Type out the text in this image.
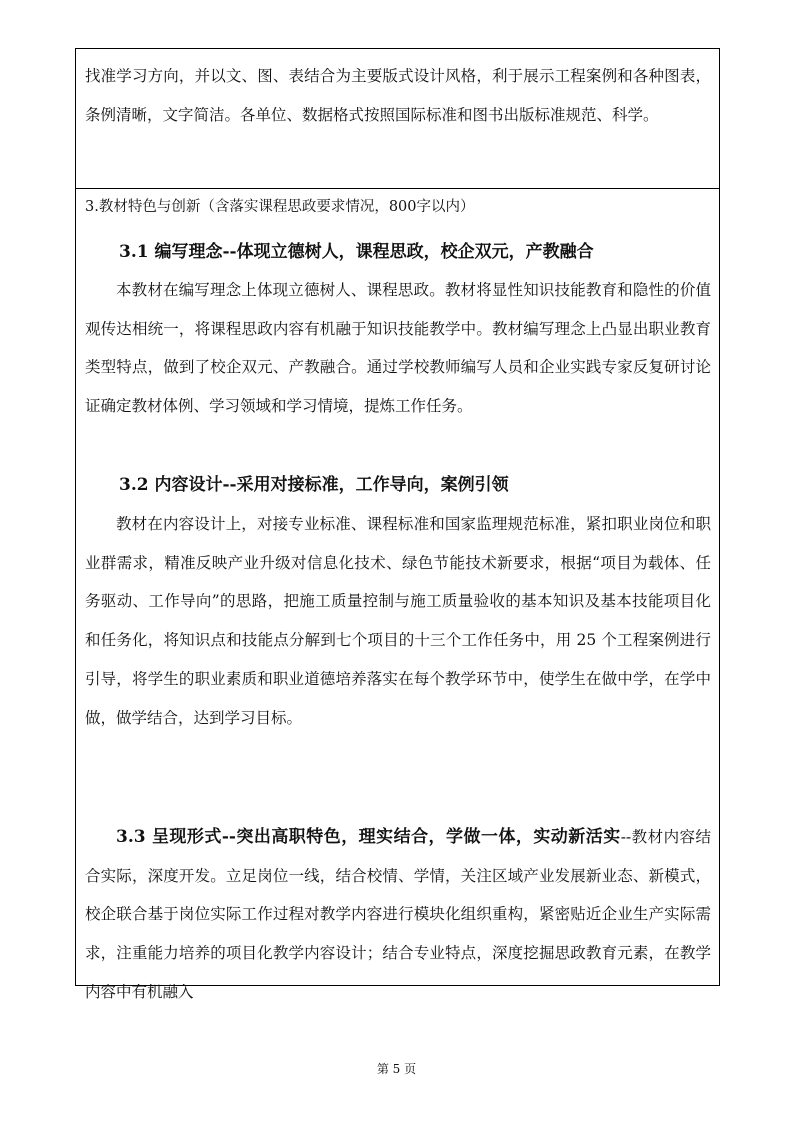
找准学习方向，并以文、图、表结合为主要版式设计风格，利于展示工程案例和各种图表，条例清晰，文字简洁。各单位、数据格式按照国际标准和图书出版标准规范、科学。

3.教材特色与创新（含落实课程思政要求情况，800字以内）

3.1 编写理念--体现立德树人，课程思政，校企双元，产教融合

本教材在编写理念上体现立德树人、课程思政。教材将显性知识技能教育和隐性的价值观传达相统一，将课程思政内容有机融于知识技能教学中。教材编写理念上凸显出职业教育类型特点，做到了校企双元、产教融合。通过学校教师编写人员和企业实践专家反复研讨论证确定教材体例、学习领域和学习情境，提炼工作任务。

3.2 内容设计--采用对接标准，工作导向，案例引领

教材在内容设计上，对接专业标准、课程标准和国家监理规范标准，紧扣职业岗位和职业群需求，精准反映产业升级对信息化技术、绿色节能技术新要求，根据“项目为载体、任务驱动、工作导向”的思路，把施工质量控制与施工质量验收的基本知识及基本技能项目化和任务化，将知识点和技能点分解到七个项目的十三个工作任务中，用 25 个工程案例进行引导，将学生的职业素质和职业道德培养落实在每个教学环节中，使学生在做中学，在学中做，做学结合，达到学习目标。

3.3 呈现形式--突出高职特色，理实结合，学做一体，实动新活实--教材内容结合实际，深度开发。立足岗位一线，结合校情、学情，关注区域产业发展新业态、新模式，校企联合基于岗位实际工作过程对教学内容进行模块化组织重构，紧密贴近企业生产实际需求，注重能力培养的项目化教学内容设计；结合专业特点，深度挖掘思政教育元素，在教学内容中有机融入

第 5 页
